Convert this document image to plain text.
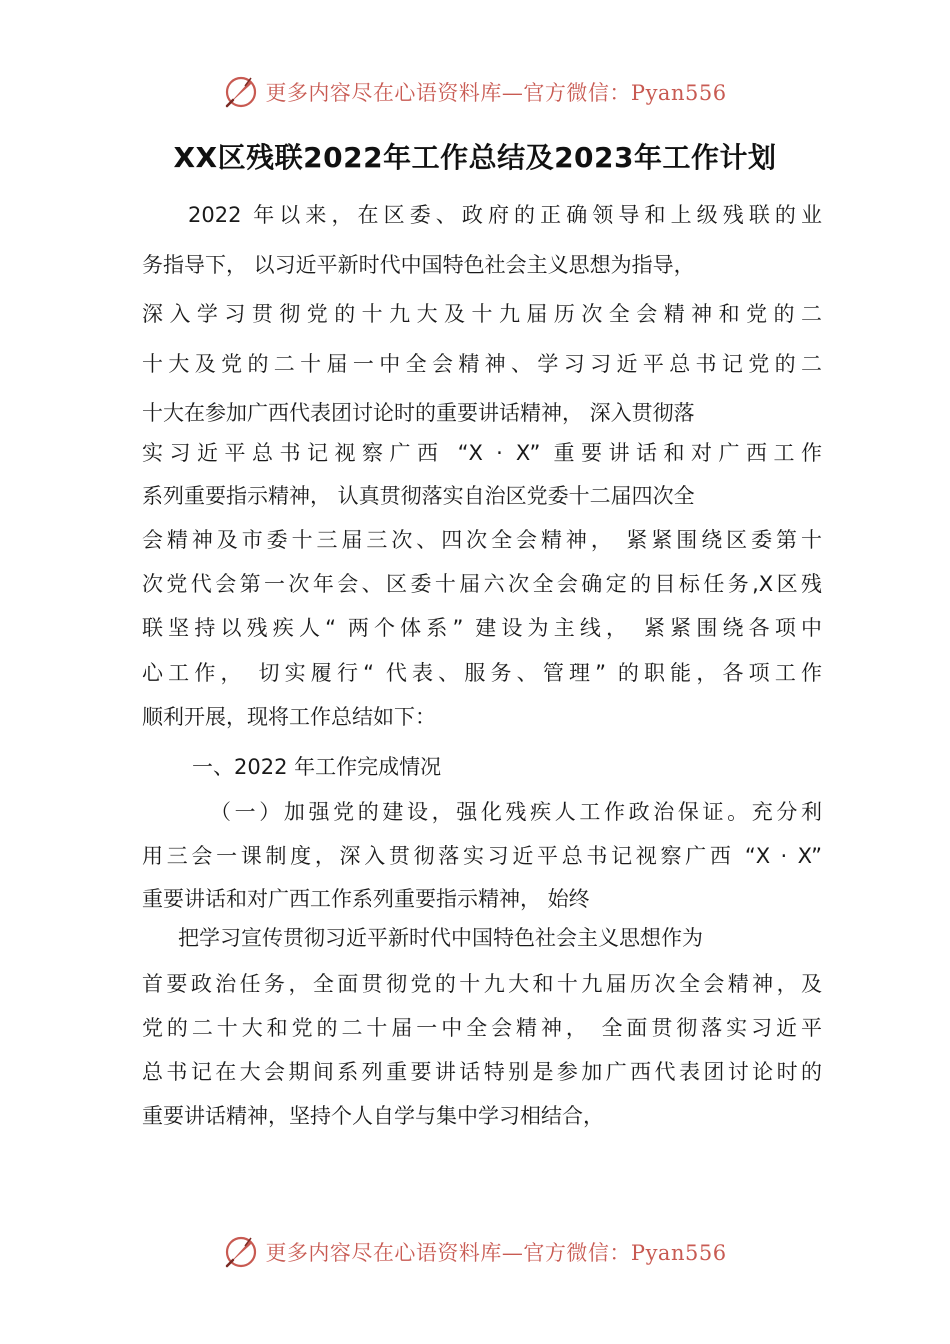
更多内容尽在心语资料库—官方微信：Pyan556
XX区残联2022年工作总结及2023年工作计划
2022 年以来，在区委、政府的正确领导和上级残联的业
务指导下， 以习近平新时代中国特色社会主义思想为指导，
深入学习贯彻党的十九大及十九届历次全会精神和党的二
十大及党的二十届一中全会精神、学习习近平总书记党的二
十大在参加广西代表团讨论时的重要讲话精神， 深入贯彻落
实习近平总书记视察广西 “X · X” 重要讲话和对广西工作
系列重要指示精神， 认真贯彻落实自治区党委十二届四次全
会精神及市委十三届三次、四次全会精神， 紧紧围绕区委第十
次党代会第一次年会、区委十届六次全会确定的目标任务,X区残
联坚持以残疾人“ 两个体系” 建设为主线， 紧紧围绕各项中
心工作， 切实履行“ 代表、服务、管理” 的职能，各项工作
顺利开展，现将工作总结如下：
一、2022 年工作完成情况
（一）加强党的建设，强化残疾人工作政治保证。充分利
用三会一课制度，深入贯彻落实习近平总书记视察广西 “X · X”
重要讲话和对广西工作系列重要指示精神， 始终
把学习宣传贯彻习近平新时代中国特色社会主义思想作为
首要政治任务，全面贯彻党的十九大和十九届历次全会精神，及
党的二十大和党的二十届一中全会精神， 全面贯彻落实习近平
总书记在大会期间系列重要讲话特别是参加广西代表团讨论时的
重要讲话精神，坚持个人自学与集中学习相结合，
更多内容尽在心语资料库—官方微信：Pyan556
